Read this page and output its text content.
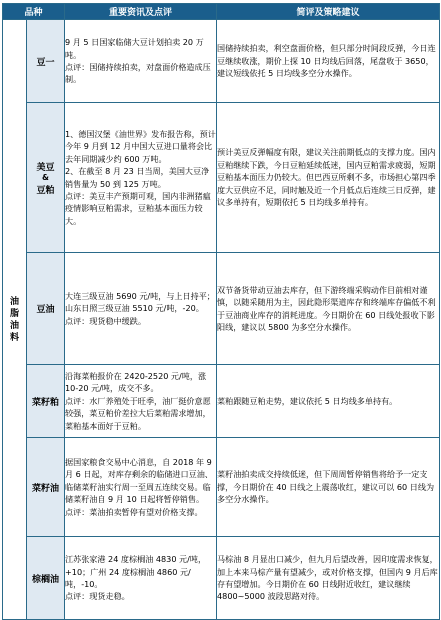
品种		重要资讯及点评	简评及策略建议

油脂油料	豆一	9 月 5 日国家临储大豆计划拍卖 20 万吨。
点评：国储持续拍卖，对盘面价格造成压制。	国储持续拍卖，利空盘面价格，但只部分时间段反弹，今日连豆继续收涨，期价上探 10 日均线后回落，尾盘收于 3650，建议短线依托 5 日均线多空分水操作。

	美豆
&
豆粕	1、德国汉堡《油世界》发布报告称，预计今年 9 月到 12 月中国大豆进口量将会比去年同期减少约 600 万吨。
2、在截至 8 月 23 日当周，美国大豆净销售量为 50 到 125 万吨。
点评：美豆丰产预期可观，国内非洲猪瘟疫情影响豆粕需求，豆粕基本面压力较大。	预计美豆反弹幅度有限，建议关注前期低点的支撑力度。国内豆粕继续下跌，今日豆粕延续低迷，国内豆粕需求疲弱，短期豆粕基本面压力仍较大。但巴西豆所剩不多，市场担心第四季度大豆供应不足，同时触及近一个月低点后连续三日反弹，建议多单持有，短期依托 5 日均线多单持有。

	豆油	大连三级豆油 5690 元/吨，与上日持平；山东日照三级豆油 5510 元/吨，-20。
点评：现货稳中缓跌。	双节备货带动豆油去库存，但下游终端采购动作目前相对谨慎，以随采随用为主，因此隐形渠道库存和终端库存偏低不利于豆油商业库存的消耗进度。今日期价在 60 日线处报收下影阳线，建议以 5800 为多空分水操作。

	菜籽粕	沿海菜粕报价在 2420-2520 元/吨，涨 10-20 元/吨，成交不多。
点评：水厂养殖处于旺季，油厂挺价意愿较强，菜豆粕价差拉大后菜粕需求增加，菜粕基本面好于豆粕。	菜粕跟随豆粕走势，建议依托 5 日均线多单持有。

	菜籽油	据国家粮食交易中心消息，自 2018 年 9 月 6 日起，对库存剩余的临储进口豆油、临储菜籽油实行周一至周五连续交易。临储菜籽油自 9 月 10 日起将暂停销售。
点评：菜油拍卖暂停有望对价格支撑。	菜籽油拍卖成交持续低迷，但下周周暂停销售将给予一定支撑，今日期价在 40 日线之上震荡收红，建议可以 60 日线为多空分水操作。

	棕榈油	江苏张家港 24 度棕榈油 4830 元/吨，+10；广州 24 度棕榈油 4860 元/吨，-10。
点评：现货走稳。	马棕油 8 月显出口减少，但九月后望改善，因印度需求恢复，加上本来马棕产量有望减少，或对价格支撑，但国内 9 月后库存有望增加。今日期价在 60 日线附近收红，建议继续 4800~5000 波段思路对待。
